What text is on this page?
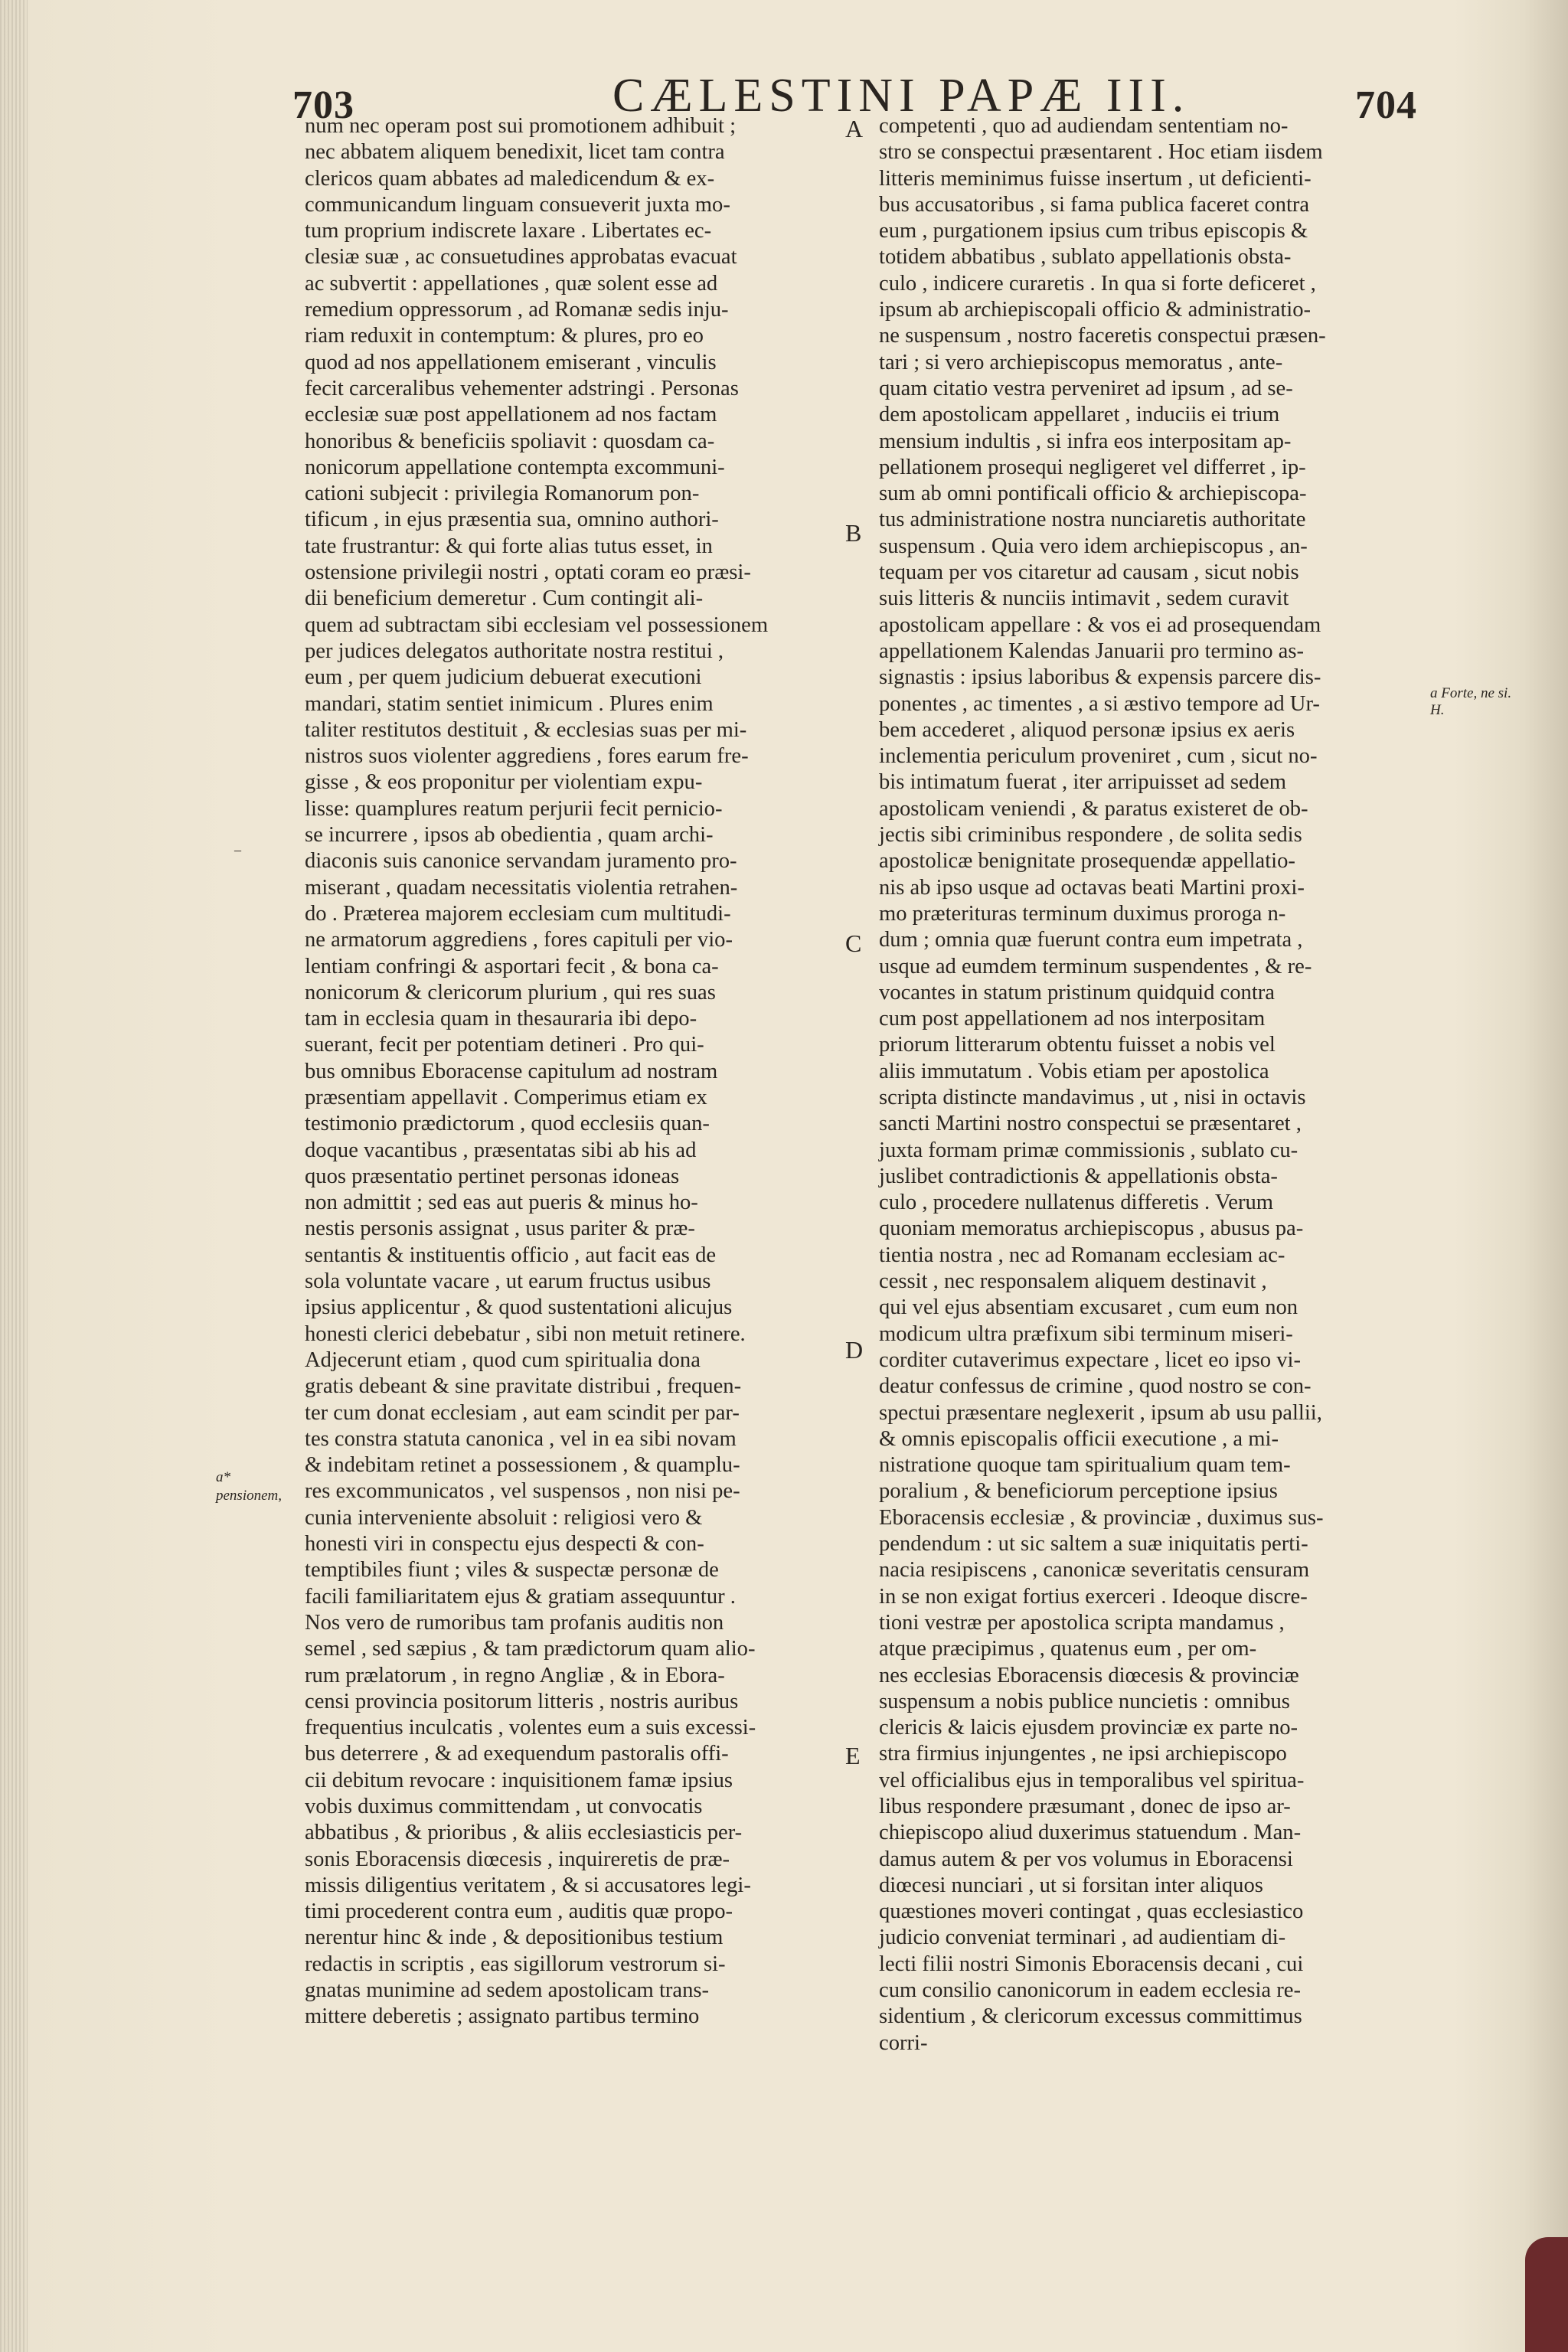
703	CÆLESTINI PAPÆ III.	704
num nec operam post sui promotionem adhibuit ;
nec abbatem aliquem benedixit, licet tam contra
clericos quam abbates ad maledicendum & ex-
communicandum linguam consueverit juxta mo-
tum proprium indiscrete laxare . Libertates ec-
clesiæ suæ , ac consuetudines approbatas evacuat
ac subvertit : appellationes , quæ solent esse ad
remedium oppressorum , ad Romanæ sedis inju-
riam reduxit in contemptum: & plures, pro eo
quod ad nos appellationem emiserant , vinculis
fecit carceralibus vehementer adstringi . Personas
ecclesiæ suæ post appellationem ad nos factam
honoribus & beneficiis spoliavit : quosdam ca-
nonicorum appellatione contempta excommuni-
cationi subjecit : privilegia Romanorum pon-
tificum , in ejus præsentia sua, omnino authori-
tate frustrantur: & qui forte alias tutus esset, in
ostensione privilegii nostri , optati coram eo præsi-
dii beneficium demeretur . Cum contingit ali-
quem ad subtractam sibi ecclesiam vel possessionem
per judices delegatos authoritate nostra restitui ,
eum , per quem judicium debuerat executioni
mandari, statim sentiet inimicum . Plures enim
taliter restitutos destituit , & ecclesias suas per mi-
nistros suos violenter aggrediens , fores earum fre-
gisse , & eos proponitur per violentiam expu-
lisse: quamplures reatum perjurii fecit pernicio-
se incurrere , ipsos ab obedientia , quam archi-
diaconis suis canonice servandam juramento pro-
miserant , quadam necessitatis violentia retrahen-
do . Præterea majorem ecclesiam cum multitudi-
ne armatorum aggrediens , fores capituli per vio-
lentiam confringi & asportari fecit , & bona ca-
nonicorum & clericorum plurium , qui res suas
tam in ecclesia quam in thesauraria ibi depo-
suerant, fecit per potentiam detineri . Pro qui-
bus omnibus Eboracense capitulum ad nostram
præsentiam appellavit . Comperimus etiam ex
testimonio prædictorum , quod ecclesiis quan-
doque vacantibus , præsentatas sibi ab his ad
quos præsentatio pertinet personas idoneas
non admittit ; sed eas aut pueris & minus ho-
nestis personis assignat , usus pariter & præ-
sentantis & instituentis officio , aut facit eas de
sola voluntate vacare , ut earum fructus usibus
ipsius applicentur , & quod sustentationi alicujus
honesti clerici debebatur , sibi non metuit retinere.
Adjecerunt etiam , quod cum spiritualia dona
gratis debeant & sine pravitate distribui , frequen-
ter cum donat ecclesiam , aut eam scindit per par-
tes constra statuta canonica , vel in ea sibi novam
& indebitam retinet a possessionem , & quamplu-
res excommunicatos , vel suspensos , non nisi pe-
cunia interveniente absoluit : religiosi vero &
honesti viri in conspectu ejus despecti & con-
temptibiles fiunt ; viles & suspectæ personæ de
facili familiaritatem ejus & gratiam assequuntur .
Nos vero de rumoribus tam profanis auditis non
semel , sed sæpius , & tam prædictorum quam alio-
rum prælatorum , in regno Angliæ , & in Ebora-
censi provincia positorum litteris , nostris auribus
frequentius inculcatis , volentes eum a suis excessi-
bus deterrere , & ad exequendum pastoralis offi-
cii debitum revocare : inquisitionem famæ ipsius
vobis duximus committendam , ut convocatis
abbatibus , & prioribus , & aliis ecclesiasticis per-
sonis Eboracensis diœcesis , inquireretis de præ-
missis diligentius veritatem , & si accusatores legi-
timi procederent contra eum , auditis quæ propo-
nerentur hinc & inde , & depositionibus testium
redactis in scriptis , eas sigillorum vestrorum si-
gnatas munimine ad sedem apostolicam trans-
mittere deberetis ; assignato partibus termino
competenti , quo ad audiendam sententiam no-
stro se conspectui præsentarent . Hoc etiam iisdem
litteris meminimus fuisse insertum , ut deficienti-
bus accusatoribus , si fama publica faceret contra
eum , purgationem ipsius cum tribus episcopis &
totidem abbatibus , sublato appellationis obsta-
culo , indicere curaretis . In qua si forte deficeret ,
ipsum ab archiepiscopali officio & administratio-
ne suspensum , nostro faceretis conspectui præsen-
tari ; si vero archiepiscopus memoratus , ante-
quam citatio vestra perveniret ad ipsum , ad se-
dem apostolicam appellaret , induciis ei trium
mensium indultis , si infra eos interpositam ap-
pellationem prosequi negligeret vel differret , ip-
sum ab omni pontificali officio & archiepiscopa-
tus administratione nostra nunciaretis authoritate
suspensum . Quia vero idem archiepiscopus , an-
tequam per vos citaretur ad causam , sicut nobis
suis litteris & nunciis intimavit , sedem curavit
apostolicam appellare : & vos ei ad prosequendam
appellationem Kalendas Januarii pro termino as-
signastis : ipsius laboribus & expensis parcere dis-
ponentes , ac timentes , a si æstivo tempore ad Ur-
bem accederet , aliquod personæ ipsius ex aeris
inclementia periculum proveniret , cum , sicut no-
bis intimatum fuerat , iter arripuisset ad sedem
apostolicam veniendi , & paratus existeret de ob-
jectis sibi criminibus respondere , de solita sedis
apostolicæ benignitate prosequendæ appellatio-
nis ab ipso usque ad octavas beati Martini proxi-
mo præterituras terminum duximus proroga n-
dum ; omnia quæ fuerunt contra eum impetrata ,
usque ad eumdem terminum suspendentes , & re-
vocantes in statum pristinum quidquid contra
cum post appellationem ad nos interpositam
priorum litterarum obtentu fuisset a nobis vel
aliis immutatum . Vobis etiam per apostolica
scripta distincte mandavimus , ut , nisi in octavis
sancti Martini nostro conspectui se præsentaret ,
juxta formam primæ commissionis , sublato cu-
juslibet contradictionis & appellationis obsta-
culo , procedere nullatenus differetis . Verum
quoniam memoratus archiepiscopus , abusus pa-
tientia nostra , nec ad Romanam ecclesiam ac-
cessit , nec responsalem aliquem destinavit ,
qui vel ejus absentiam excusaret , cum eum non
modicum ultra præfixum sibi terminum miseri-
corditer cutaverimus expectare , licet eo ipso vi-
deatur confessus de crimine , quod nostro se con-
spectui præsentare neglexerit , ipsum ab usu pallii,
& omnis episcopalis officii executione , a mi-
nistratione quoque tam spiritualium quam tem-
poralium , & beneficiorum perceptione ipsius
Eboracensis ecclesiæ , & provinciæ , duximus sus-
pendendum : ut sic saltem a suæ iniquitatis perti-
nacia resipiscens , canonicæ severitatis censuram
in se non exigat fortius exerceri . Ideoque discre-
tioni vestræ per apostolica scripta mandamus ,
atque præcipimus , quatenus eum , per om-
nes ecclesias Eboracensis diœcesis & provinciæ
suspensum a nobis publice nuncietis : omnibus
clericis & laicis ejusdem provinciæ ex parte no-
stra firmius injungentes , ne ipsi archiepiscopo
vel officialibus ejus in temporalibus vel spiritua-
libus respondere præsumant , donec de ipso ar-
chiepiscopo aliud duxerimus statuendum . Man-
damus autem & per vos volumus in Eboracensi
diœcesi nunciari , ut si forsitan inter aliquos
quæstiones moveri contingat , quas ecclesiastico
judicio conveniat terminari , ad audientiam di-
lecti filii nostri Simonis Eboracensis decani , cui
cum consilio canonicorum in eadem ecclesia re-
sidentium , & clericorum excessus committimus
corri-
A
B
C
D
E
a Forte, ne si. H.
a* pensionem,
–
